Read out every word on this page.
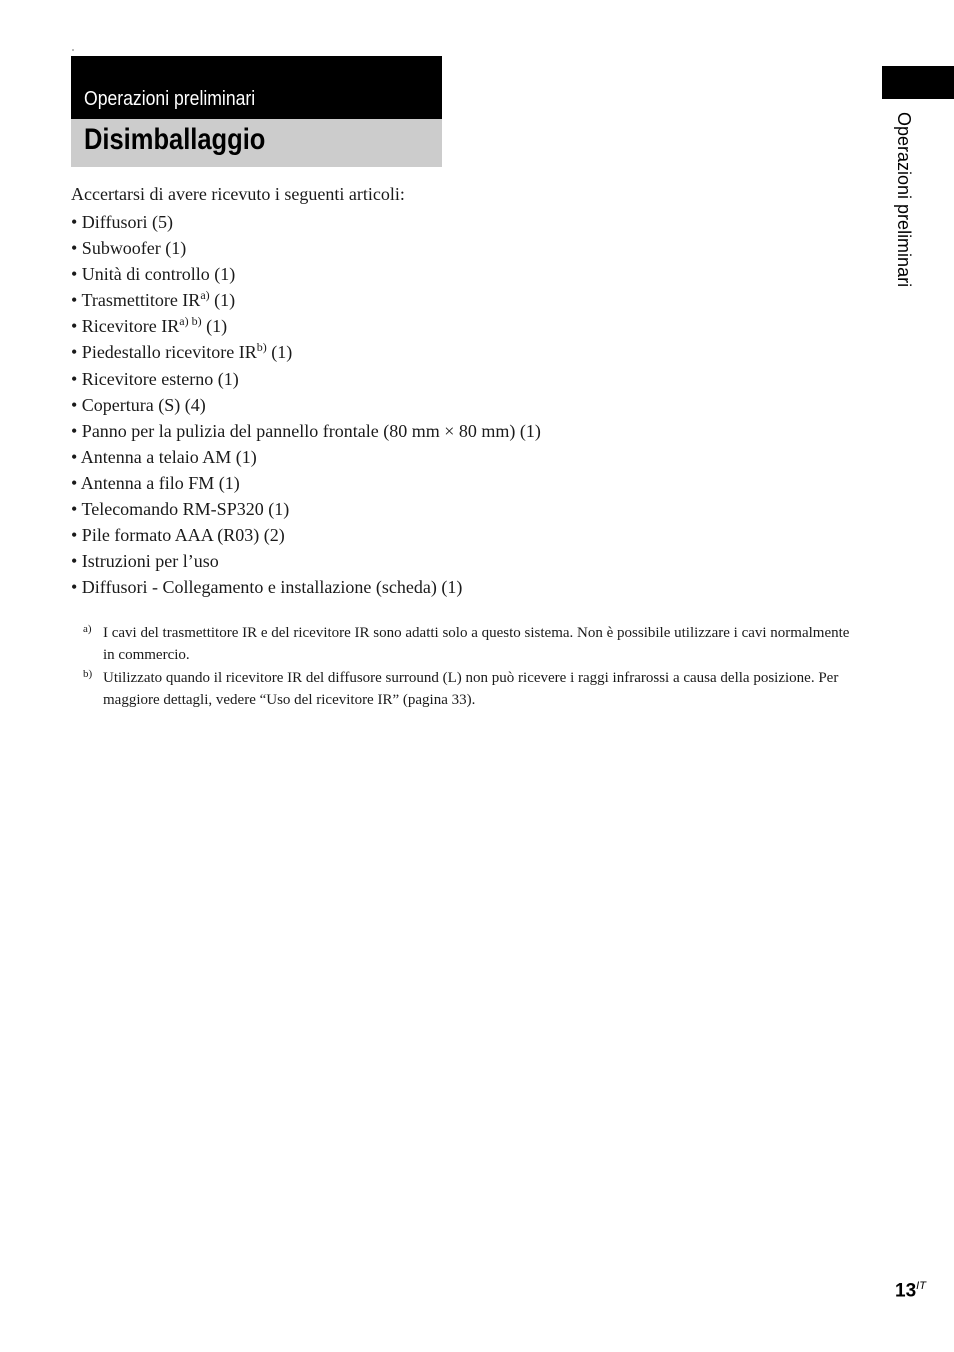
Operazioni preliminari
Disimballaggio
Accertarsi di avere ricevuto i seguenti articoli:
• Diffusori (5)
• Subwoofer (1)
• Unità di controllo (1)
• Trasmettitore IR$^{a)}$ (1)
• Ricevitore $IR^{a) b)}$ (1)
• Piedestallo ricevitore IR$^{b)}$ (1)
• Ricevitore esterno (1)
• Copertura (S) (4)
• Panno per la pulizia del pannello frontale (80 mm × 80 mm) (1)
• Antenna a telaio AM (1)
• Antenna a filo FM (1)
• Telecomando RM-SP320 (1)
• Pile formato AAA (R03) (2)
• Istruzioni per l’uso
• Diffusori - Collegamento e installazione (scheda) (1)
a) I cavi del trasmettitore IR e del ricevitore IR sono adatti solo a questo sistema. Non è possibile utilizzare i cavi normalmente in commercio.
b) Utilizzato quando il ricevitore IR del diffusore surround (L) non può ricevere i raggi infrarossi a causa della posizione. Per maggiore dettagli, vedere “Uso del ricevitore IR” (pagina 33).
Operazioni preliminari
$13^{IT}$
